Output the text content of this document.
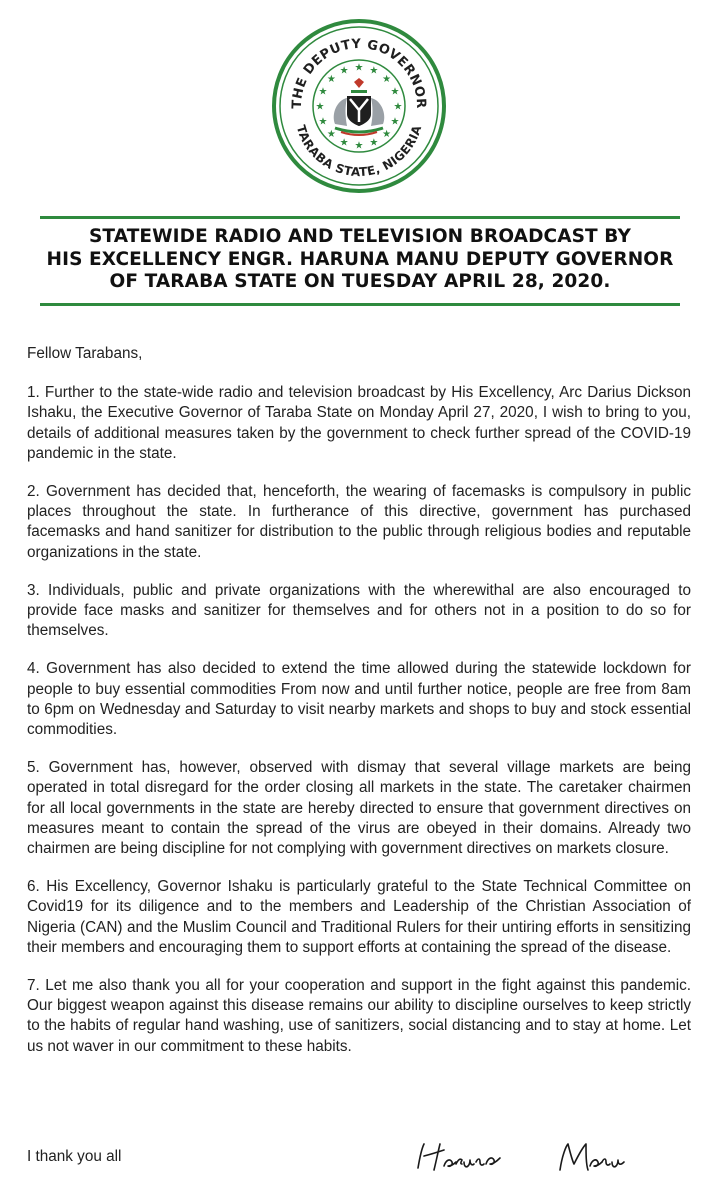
THE DEPUTY GOVERNOR
TARABA STATE, NIGERIA
★
★
★
★
★
★
★
★
★
★
★
★ ★ ★
★
★
STATEWIDE RADIO AND TELEVISION BROADCAST BY
HIS EXCELLENCY ENGR. HARUNA MANU DEPUTY GOVERNOR
OF TARABA STATE ON TUESDAY APRIL 28, 2020.

Fellow Tarabans,

1. Further to the state-wide radio and television broadcast by His Excellency, Arc Darius Dickson Ishaku, the Executive Governor of Taraba State on Monday April 27, 2020, I wish to bring to you, details of additional measures taken by the government to check further spread of the COVID-19 pandemic in the state.

2. Government has decided that, henceforth, the wearing of facemasks is compulsory in public places throughout the state. In furtherance of this directive, government has purchased facemasks and hand sanitizer for distribution to the public through religious bodies and reputable organizations in the state.

3. Individuals, public and private organizations with the wherewithal are also encouraged to provide face masks and sanitizer for themselves and for others not in a position to do so for themselves.

4. Government has also decided to extend the time allowed during the statewide lockdown for people to buy essential commodities From now and until further notice, people are free from 8am to 6pm on Wednesday and Saturday to visit nearby markets and shops to buy and stock essential commodities.

5. Government has, however, observed with dismay that several village markets are being operated in total disregard for the order closing all markets in the state. The caretaker chairmen for all local governments in the state are hereby directed to ensure that government directives on measures meant to contain the spread of the virus are obeyed in their domains. Already two chairmen are being discipline for not complying with government directives on markets closure.

6. His Excellency, Governor Ishaku is particularly grateful to the State Technical Committee on Covid19 for its diligence and to the members and Leadership of the Christian Association of Nigeria (CAN) and the Muslim Council and Traditional Rulers for their untiring efforts in sensitizing their members and encouraging them to support efforts at containing the spread of the disease.

7. Let me also thank you all for your cooperation and support in the fight against this pandemic. Our biggest weapon against this disease remains our ability to discipline ourselves to keep strictly to the habits of regular hand washing, use of sanitizers, social distancing and to stay at home. Let us not waver in our commitment to these habits.

I thank you all
